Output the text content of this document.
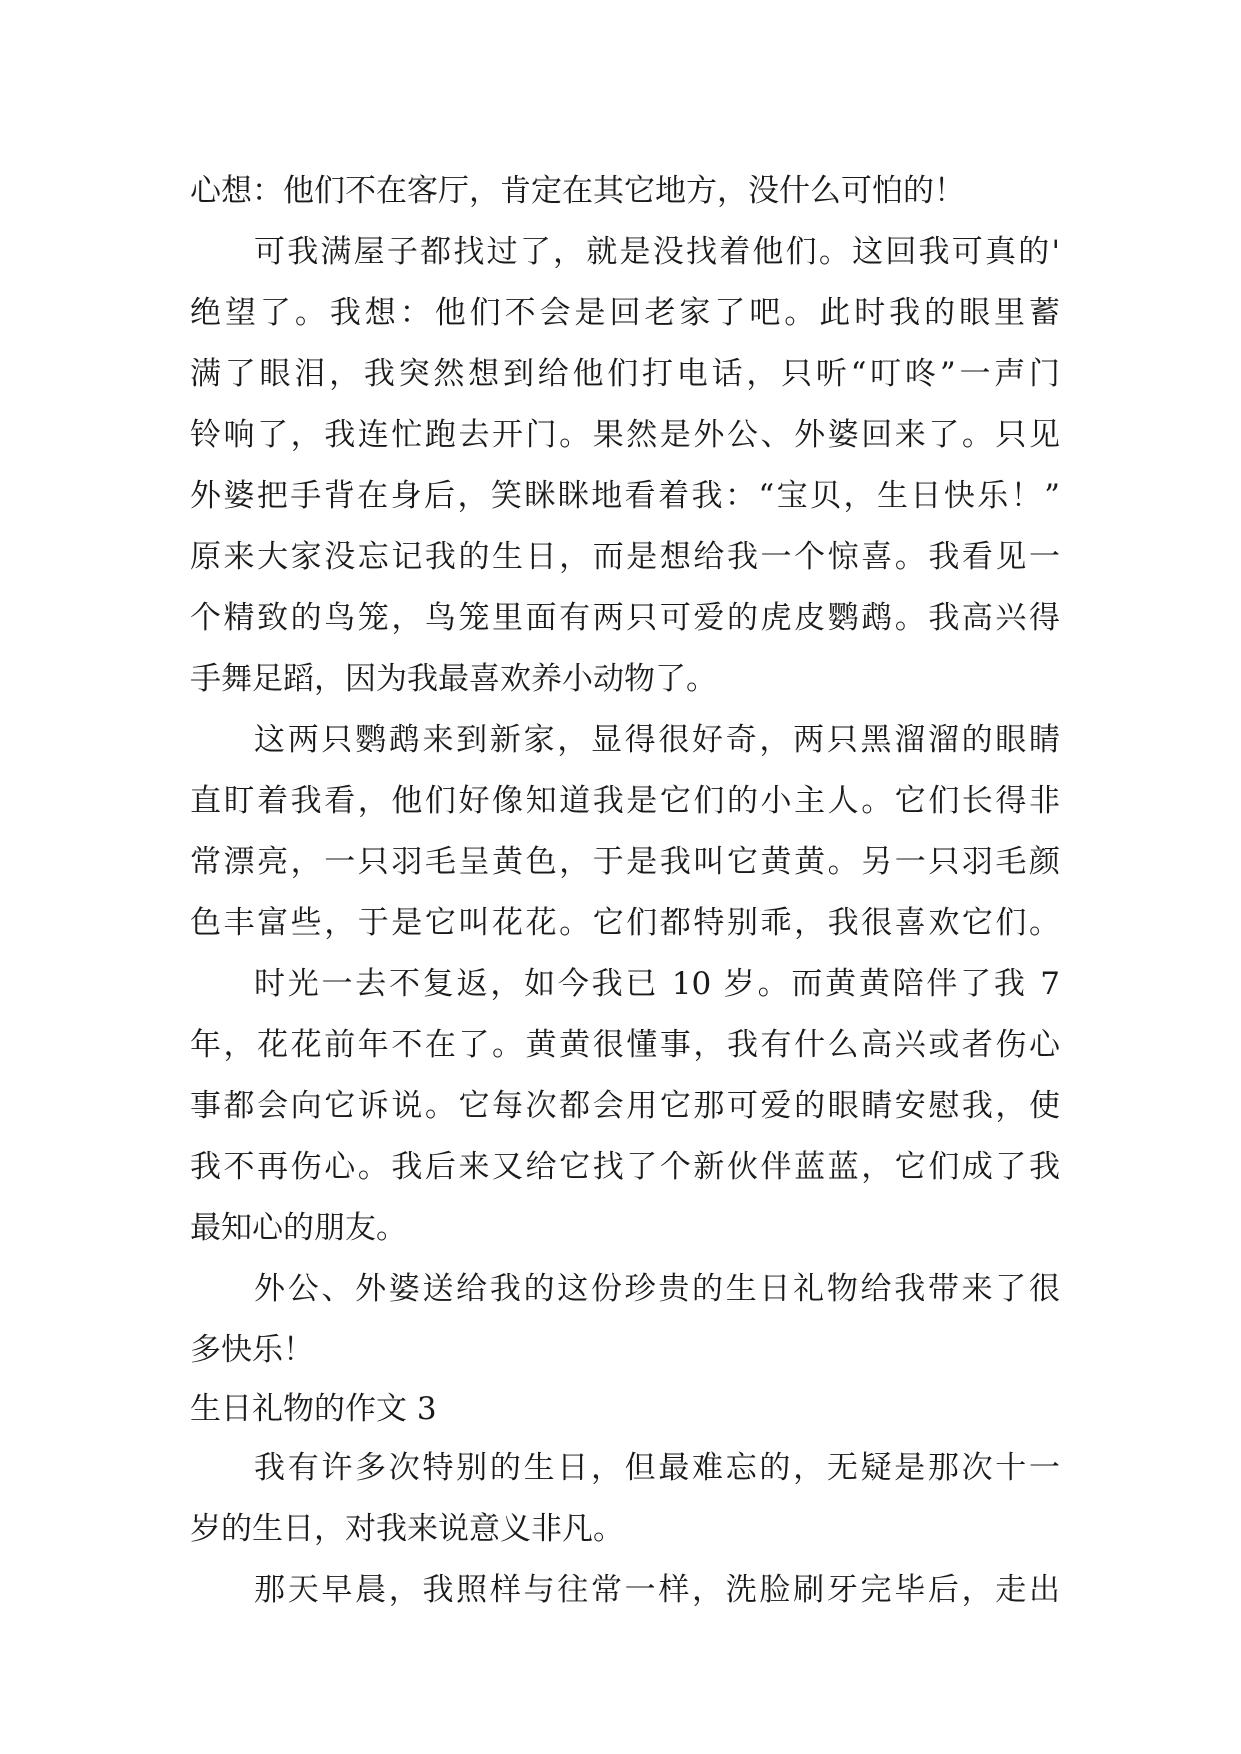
心想：他们不在客厅，肯定在其它地方，没什么可怕的！
可我满屋子都找过了，就是没找着他们。这回我可真的'
绝望了。我想：他们不会是回老家了吧。此时我的眼里蓄
满了眼泪，我突然想到给他们打电话，只听“叮咚”一声门
铃响了，我连忙跑去开门。果然是外公、外婆回来了。只见
外婆把手背在身后，笑眯眯地看着我：“宝贝，生日快乐！”
原来大家没忘记我的生日，而是想给我一个惊喜。我看见一
个精致的鸟笼，鸟笼里面有两只可爱的虎皮鹦鹉。我高兴得
手舞足蹈，因为我最喜欢养小动物了。
这两只鹦鹉来到新家，显得很好奇，两只黑溜溜的眼睛
直盯着我看，他们好像知道我是它们的小主人。它们长得非
常漂亮，一只羽毛呈黄色，于是我叫它黄黄。另一只羽毛颜
色丰富些，于是它叫花花。它们都特别乖，我很喜欢它们。
时光一去不复返，如今我已 10 岁。而黄黄陪伴了我 7
年，花花前年不在了。黄黄很懂事，我有什么高兴或者伤心
事都会向它诉说。它每次都会用它那可爱的眼睛安慰我，使
我不再伤心。我后来又给它找了个新伙伴蓝蓝，它们成了我
最知心的朋友。
外公、外婆送给我的这份珍贵的生日礼物给我带来了很
多快乐！
生日礼物的作文 3
我有许多次特别的生日，但最难忘的，无疑是那次十一
岁的生日，对我来说意义非凡。
那天早晨，我照样与往常一样，洗脸刷牙完毕后，走出
